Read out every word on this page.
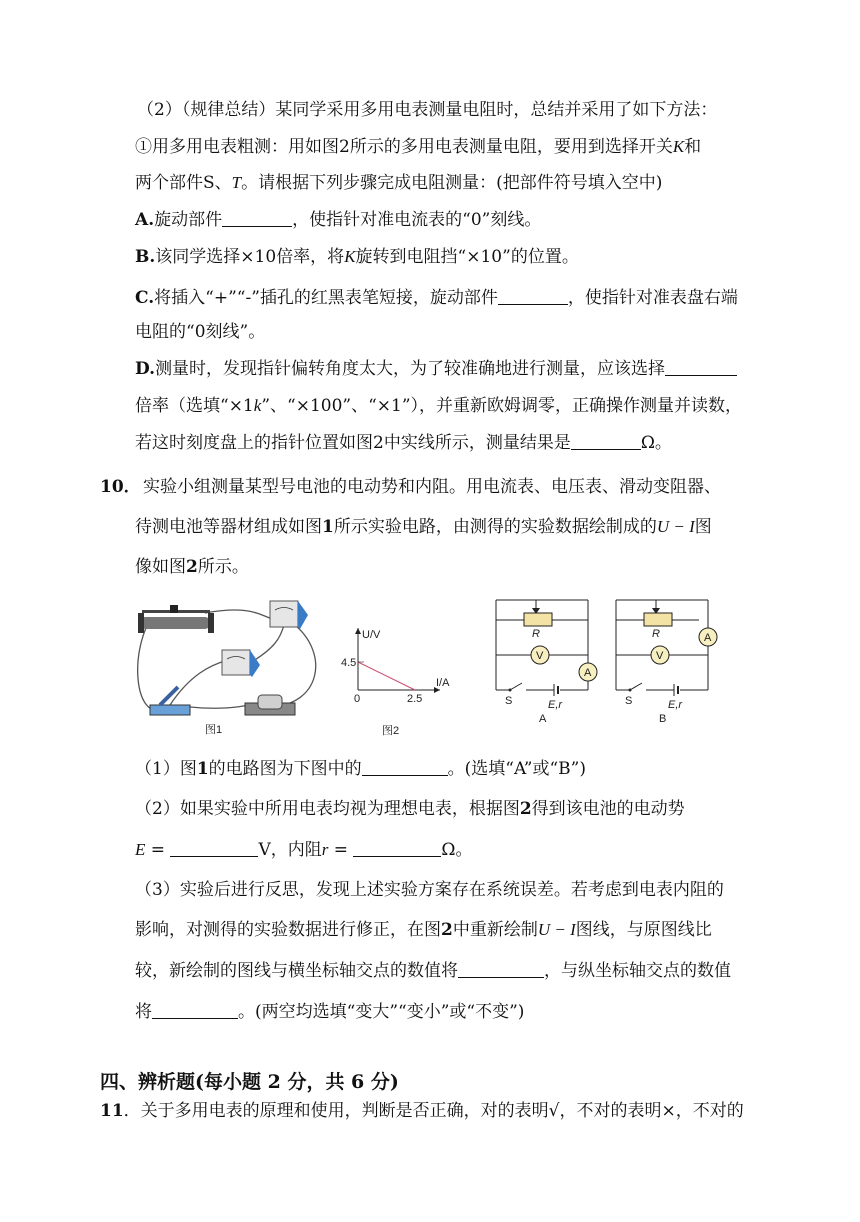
（2）（规律总结）某同学采用多用电表测量电阻时，总结并采用了如下方法：
①用多用电表粗测：用如图2所示的多用电表测量电阻，要用到选择开关K和
两个部件S、T。请根据下列步骤完成电阻测量：(把部件符号填入空中)
A.旋动部件	，使指针对准电流表的“0”刻线。
B.该同学选择×10倍率，将K旋转到电阻挡“×10”的位置。
C.将插入“+”“-”插孔的红黑表笔短接，旋动部件	，使指针对准表盘右端
电阻的“0刻线”。
D.测量时，发现指针偏转角度太大，为了较准确地进行测量，应该选择
倍率（选填“×1k”、“×100”、“×1”），并重新欧姆调零，正确操作测量并读数，
若这时刻度盘上的指针位置如图2中实线所示，测量结果是	Ω。
10． 实验小组测量某型号电池的电动势和内阻。用电流表、电压表、滑动变阻器、
待测电池等器材组成如图1所示实验电路，由测得的实验数据绘制成的U − I图
像如图2所示。
图1
U/V
I/A
4.5
2.5
0
图2
R
V
A
S	E,r
A
R
V
A
S	E,r
B
（1）图1的电路图为下图中的	。(选填“A”或“B”)
（2）如果实验中所用电表均视为理想电表，根据图2得到该电池的电动势
E =	V，内阻r =	Ω。
（3）实验后进行反思，发现上述实验方案存在系统误差。若考虑到电表内阻的
影响，对测得的实验数据进行修正，在图2中重新绘制U − I图线，与原图线比
较，新绘制的图线与横坐标轴交点的数值将	，与纵坐标轴交点的数值
将	。(两空均选填“变大”“变小”或“不变”)
四、辨析题(每小题 2 分，共 6 分)
11．关于多用电表的原理和使用，判断是否正确，对的表明√，不对的表明×，不对的
